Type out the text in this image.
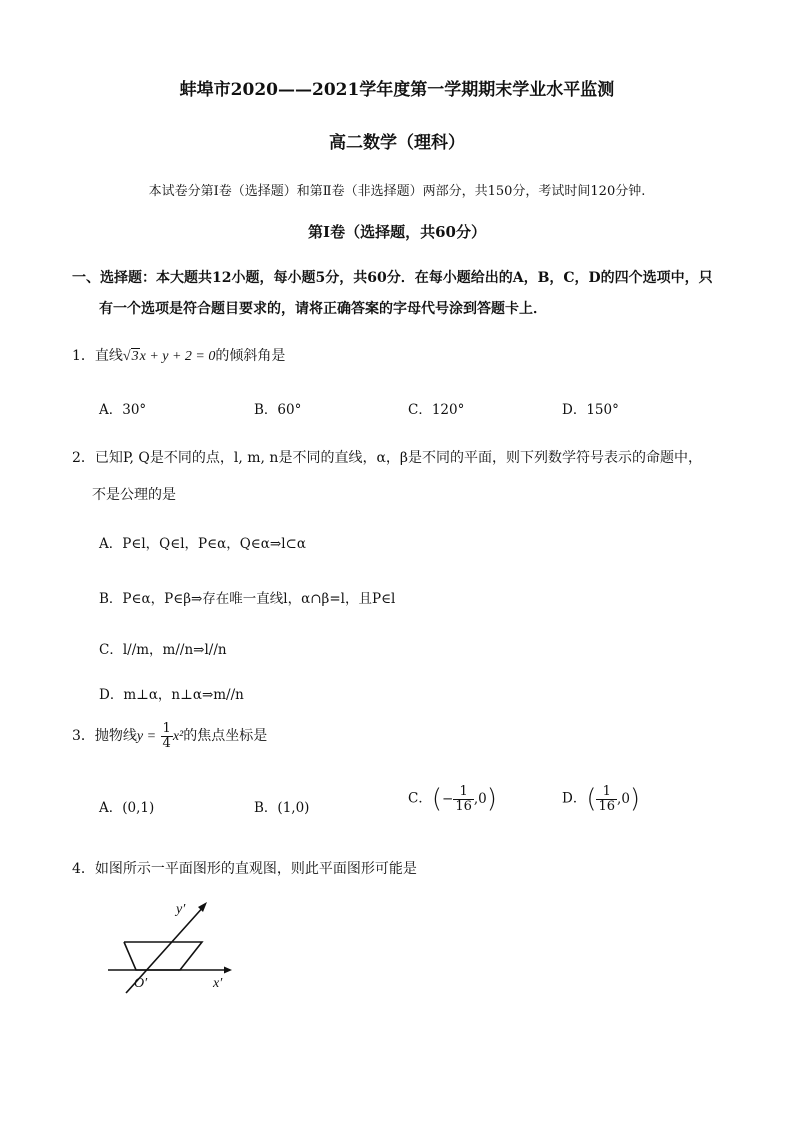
蚌埠市2020——2021学年度第一学期期末学业水平监测
高二数学（理科）
本试卷分第Ⅰ卷（选择题）和第Ⅱ卷（非选择题）两部分，共150分，考试时间120分钟.
第Ⅰ卷（选择题，共60分）
一、选择题：本大题共12小题，每小题5分，共60分．在每小题给出的A，B，C，D的四个选项中，只
有一个选项是符合题目要求的，请将正确答案的字母代号涂到答题卡上．
1．直线√3x + y + 2 = 0的倾斜角是
A．30°	B．60°	C．120°	D．150°
2．已知P, Q是不同的点，l, m, n是不同的直线，α，β是不同的平面，则下列数学符号表示的命题中，
不是公理的是
A．P∈l，Q∈l，P∈α，Q∈α⇒l⊂α
B．P∈α，P∈β⇒存在唯一直线l，α∩β=l，且P∈l
C．l//m，m//n⇒l//n
D．m⊥α，n⊥α⇒m//n
3．抛物线$y = \frac{1}{4} x^2$的焦点坐标是
A．(0,1)	B．(1,0)
C．(− $\frac{1}{16} ,0$)	D．( $\frac{1}{16} ,0$)
4．如图所示一平面图形的直观图，则此平面图形可能是
y′
x′
O′
